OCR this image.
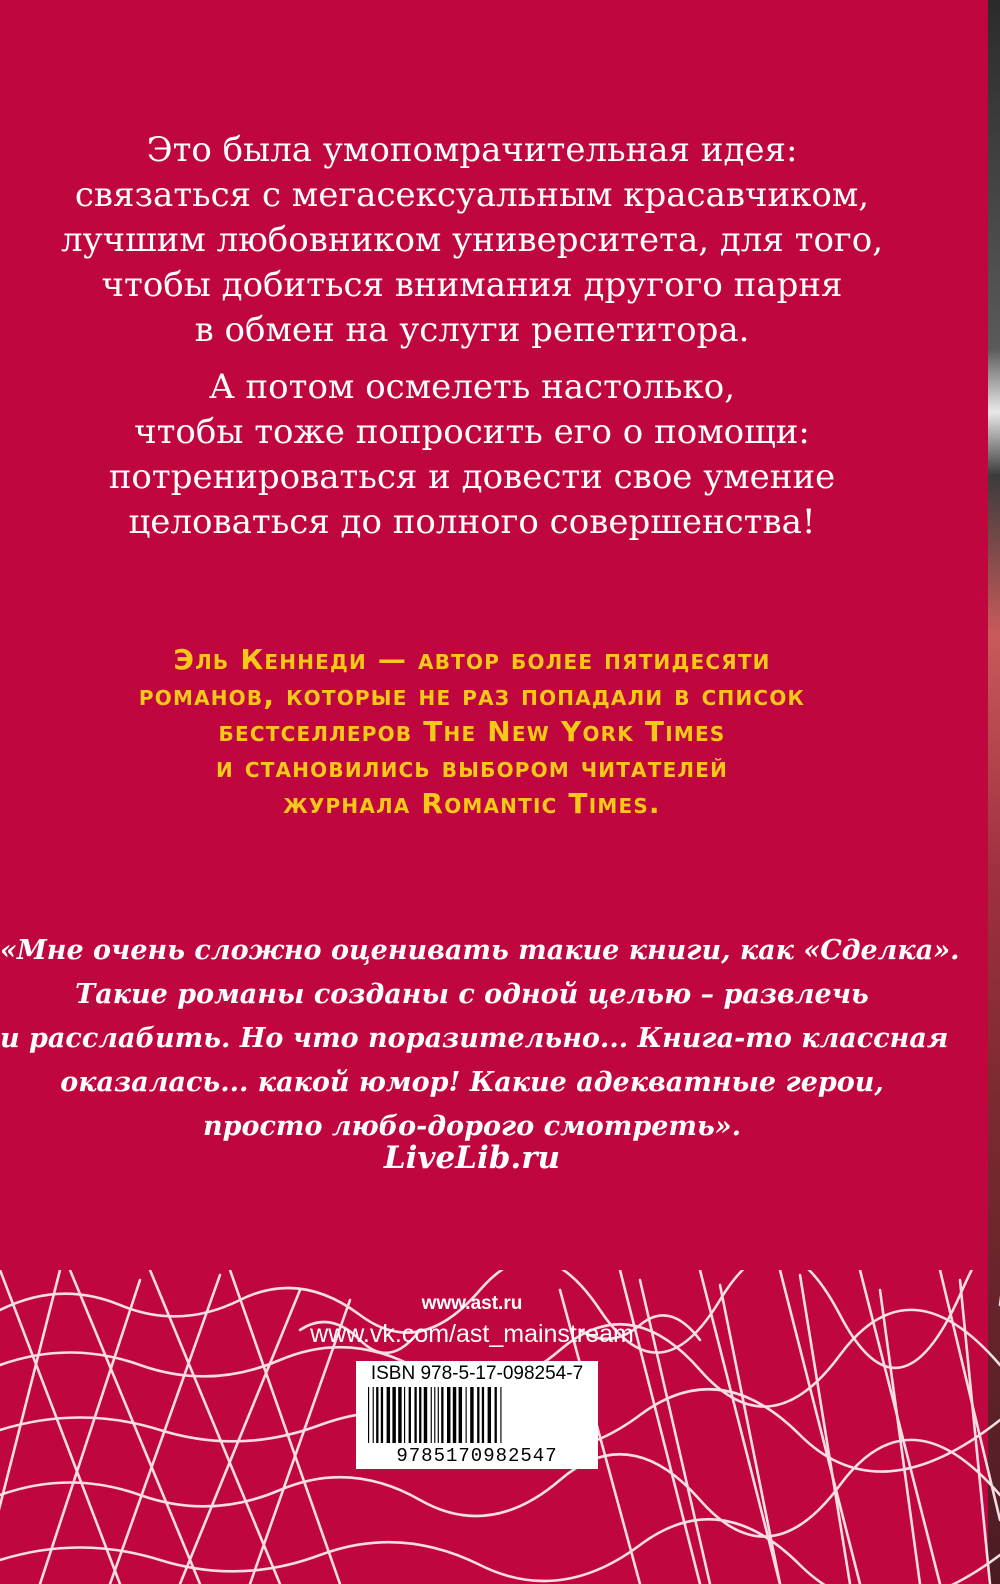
Это была умопомрачительная идея:
связаться с мегасексуальным красавчиком,
лучшим любовником университета, для того,
чтобы добиться внимания другого парня
в обмен на услуги репетитора.
А потом осмелеть настолько,
чтобы тоже попросить его о помощи:
потренироваться и довести свое умение
целоваться до полного совершенства!
Эль Кеннеди — автор более пятидесяти
романов, которые не раз попадали в список
бестселлеров The New York Times
и становились выбором читателей
журнала Romantic Times.
«Мне очень сложно оценивать такие книги, как «Сделка».
Такие романы созданы с одной целью – развлечь
и расслабить. Но что поразительно... Книга-то классная
оказалась... какой юмор! Какие адекватные герои,
просто любо-дорого смотреть».

LiveLib.ru

www.ast.ru

www.vk.com/ast_mainstream

ISBN 978-5-17-098254-7

9785170982547
